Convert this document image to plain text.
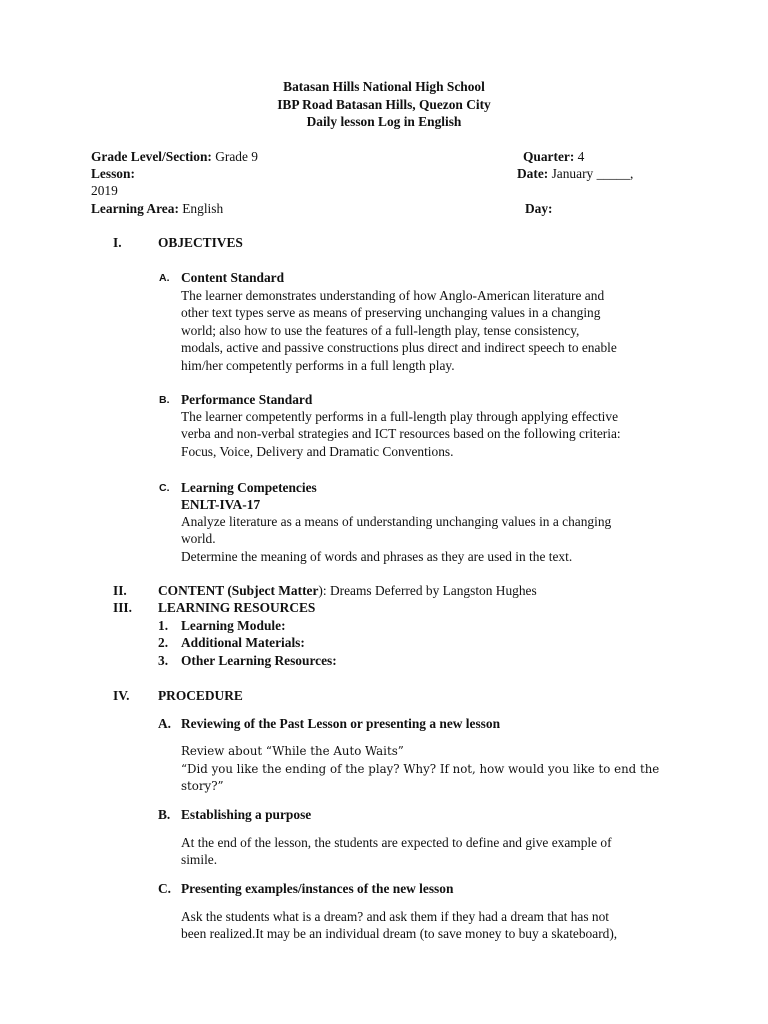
Batasan Hills National High School
IBP Road Batasan Hills, Quezon City
Daily lesson Log in English
Grade Level/Section: Grade 9	Quarter: 4
Lesson:	Date: January _____,
2019
Learning Area: English	Day:
I.	OBJECTIVES
A. Content Standard
The learner demonstrates understanding of how Anglo-American literature and
other text types serve as means of preserving unchanging values in a changing
world; also how to use the features of a full-length play, tense consistency,
modals, active and passive constructions plus direct and indirect speech to enable
him/her competently performs in a full length play.
B. Performance Standard
The learner competently performs in a full-length play through applying effective
verba and non-verbal strategies and ICT resources based on the following criteria:
Focus, Voice, Delivery and Dramatic Conventions.
C. Learning Competencies
ENLT-IVA-17
Analyze literature as a means of understanding unchanging values in a changing
world.
Determine the meaning of words and phrases as they are used in the text.
II. CONTENT (Subject Matter): Dreams Deferred by Langston Hughes
III. LEARNING RESOURCES
1. Learning Module:
2. Additional Materials:
3. Other Learning Resources:
IV. PROCEDURE
A. Reviewing of the Past Lesson or presenting a new lesson
Review about “While the Auto Waits”
“Did you like the ending of the play? Why? If not, how would you like to end the
story?”
B. Establishing a purpose
At the end of the lesson, the students are expected to define and give example of
simile.
C. Presenting examples/instances of the new lesson
Ask the students what is a dream? and ask them if they had a dream that has not
been realized.It may be an individual dream (to save money to buy a skateboard),
